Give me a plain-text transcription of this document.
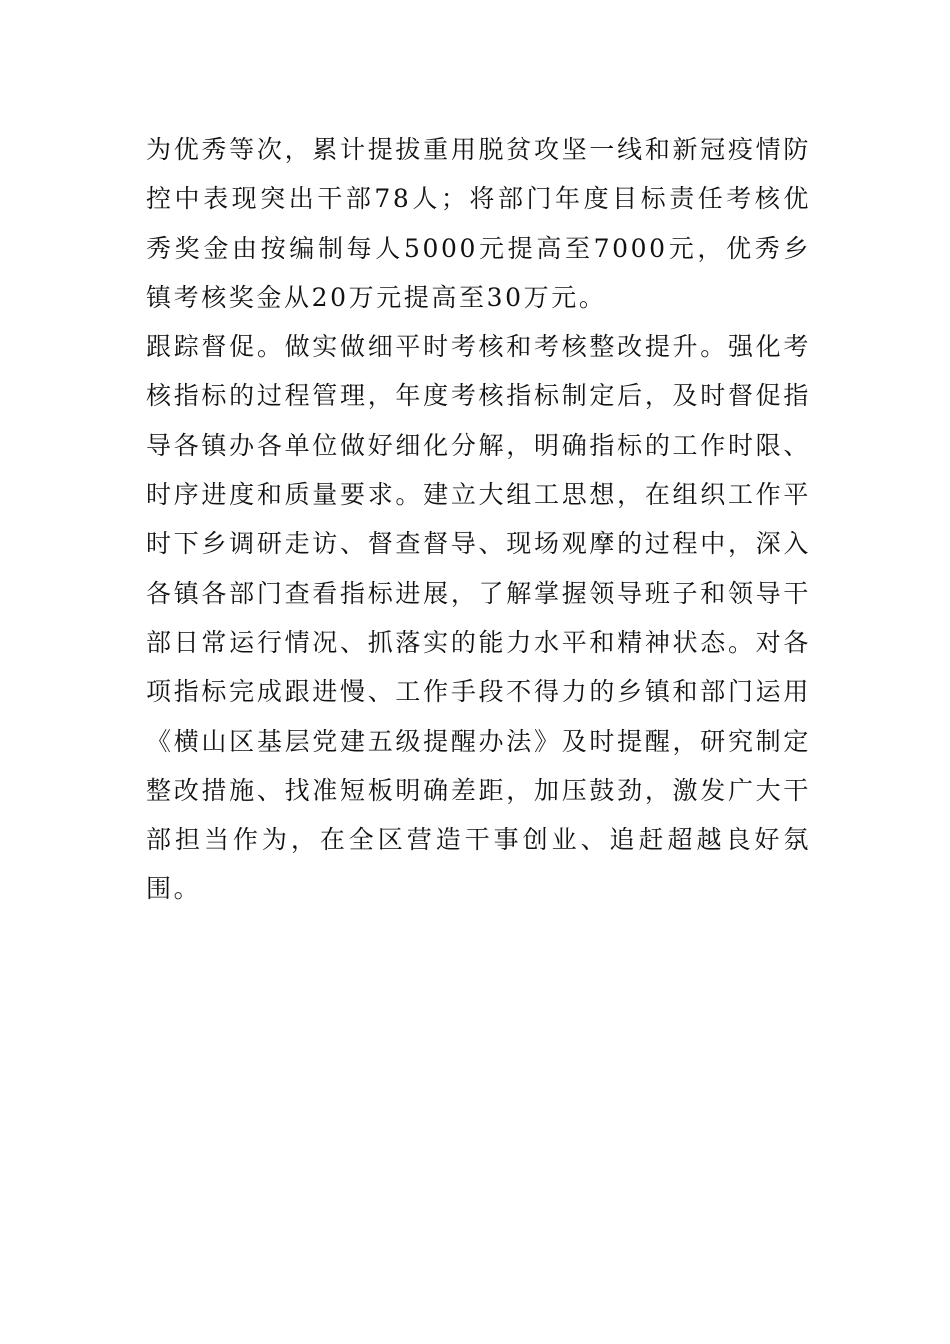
为优秀等次，累计提拔重用脱贫攻坚一线和新冠疫情防控中表现突出干部78人；将部门年度目标责任考核优秀奖金由按编制每人5000元提高至7000元，优秀乡镇考核奖金从20万元提高至30万元。

跟踪督促。做实做细平时考核和考核整改提升。强化考核指标的过程管理，年度考核指标制定后，及时督促指导各镇办各单位做好细化分解，明确指标的工作时限、时序进度和质量要求。建立大组工思想，在组织工作平时下乡调研走访、督查督导、现场观摩的过程中，深入各镇各部门查看指标进展，了解掌握领导班子和领导干部日常运行情况、抓落实的能力水平和精神状态。对各项指标完成跟进慢、工作手段不得力的乡镇和部门运用《横山区基层党建五级提醒办法》及时提醒，研究制定整改措施、找准短板明确差距，加压鼓劲，激发广大干部担当作为，在全区营造干事创业、追赶超越良好氛围。
